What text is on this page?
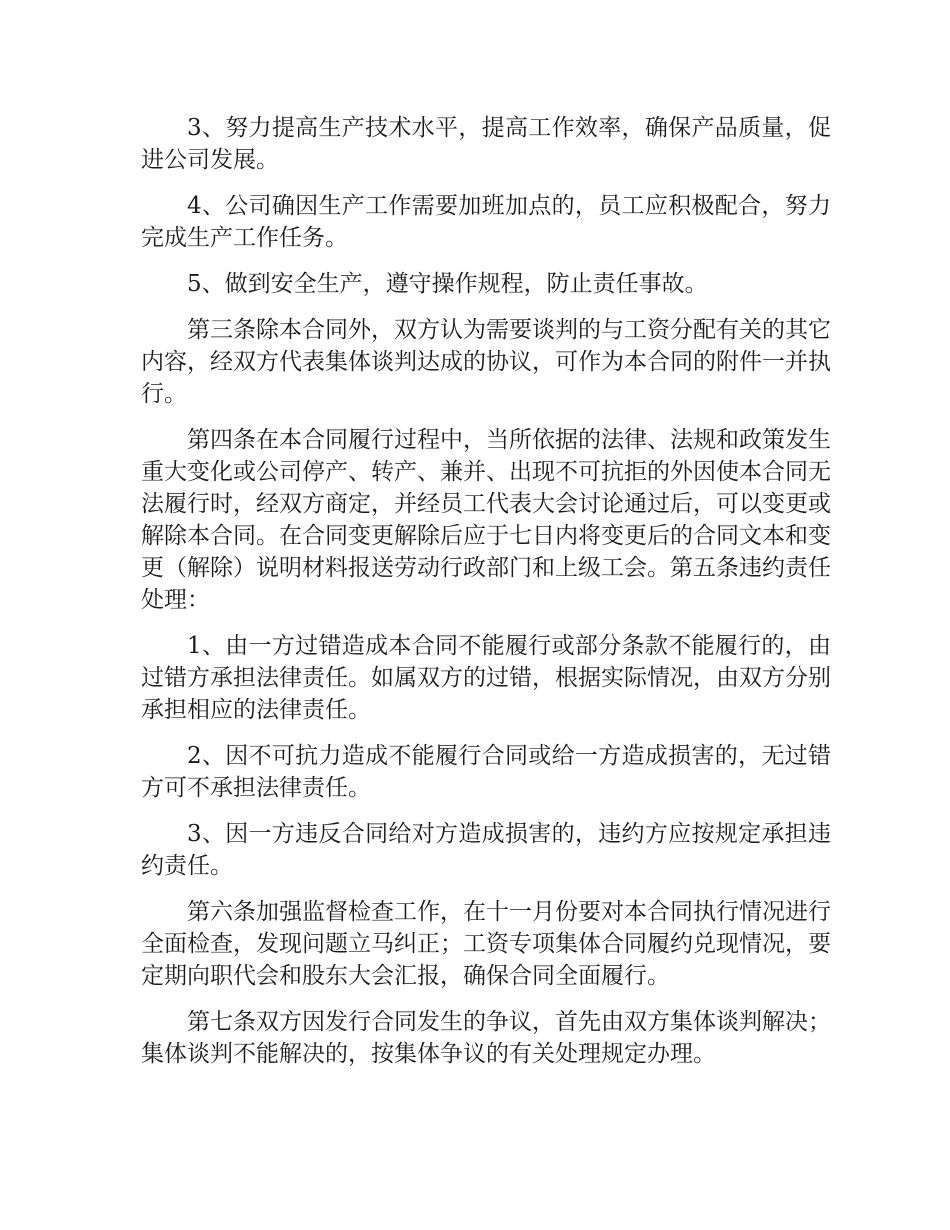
3、努力提高生产技术水平，提高工作效率，确保产品质量，促进公司发展。

4、公司确因生产工作需要加班加点的，员工应积极配合，努力完成生产工作任务。

5、做到安全生产，遵守操作规程，防止责任事故。

第三条除本合同外，双方认为需要谈判的与工资分配有关的其它内容，经双方代表集体谈判达成的协议，可作为本合同的附件一并执行。

第四条在本合同履行过程中，当所依据的法律、法规和政策发生重大变化或公司停产、转产、兼并、出现不可抗拒的外因使本合同无法履行时，经双方商定，并经员工代表大会讨论通过后，可以变更或解除本合同。在合同变更解除后应于七日内将变更后的合同文本和变更（解除）说明材料报送劳动行政部门和上级工会。第五条违约责任处理：

1、由一方过错造成本合同不能履行或部分条款不能履行的，由过错方承担法律责任。如属双方的过错，根据实际情况，由双方分别承担相应的法律责任。

2、因不可抗力造成不能履行合同或给一方造成损害的，无过错方可不承担法律责任。

3、因一方违反合同给对方造成损害的，违约方应按规定承担违约责任。

第六条加强监督检查工作，在十一月份要对本合同执行情况进行全面检查，发现问题立马纠正；工资专项集体合同履约兑现情况，要定期向职代会和股东大会汇报，确保合同全面履行。

第七条双方因发行合同发生的争议，首先由双方集体谈判解决；集体谈判不能解决的，按集体争议的有关处理规定办理。
